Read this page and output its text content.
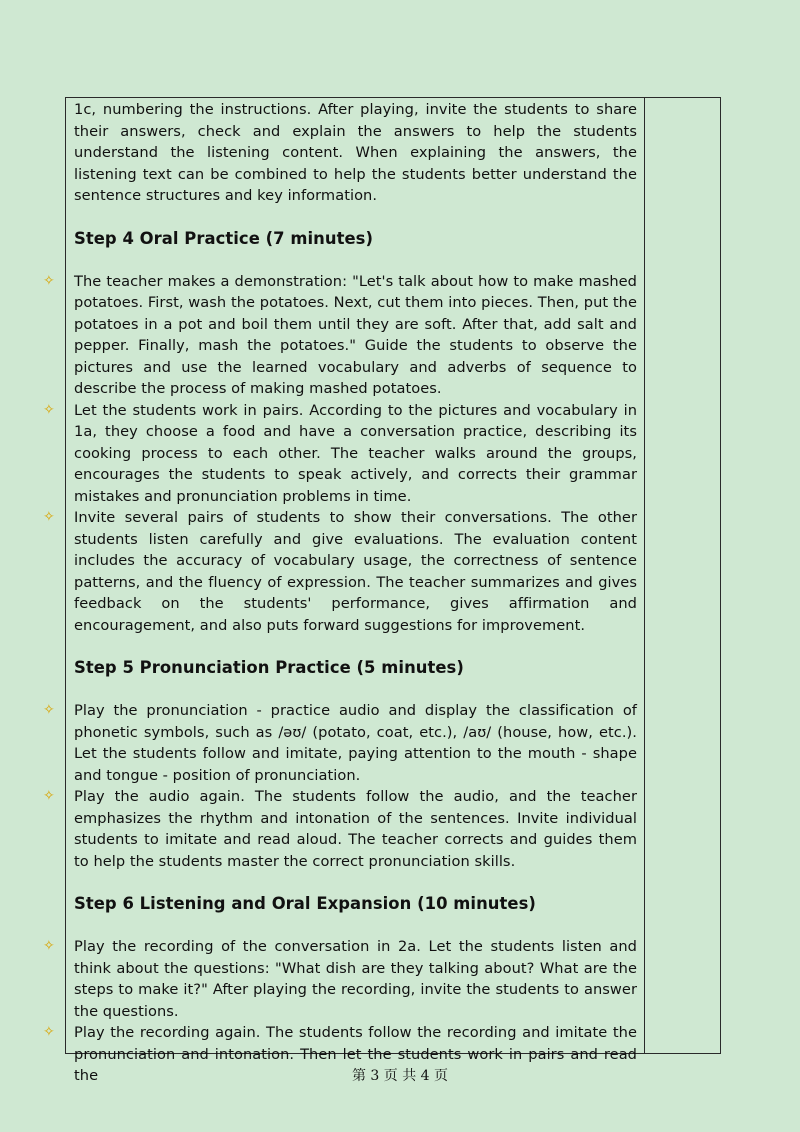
1c, numbering the instructions. After playing, invite the students to share their answers, check and explain the answers to help the students understand the listening content. When explaining the answers, the listening text can be combined to help the students better understand the sentence structures and key information.

Step 4 Oral Practice (7 minutes)

✧ The teacher makes a demonstration: "Let's talk about how to make mashed potatoes. First, wash the potatoes. Next, cut them into pieces. Then, put the potatoes in a pot and boil them until they are soft. After that, add salt and pepper. Finally, mash the potatoes." Guide the students to observe the pictures and use the learned vocabulary and adverbs of sequence to describe the process of making mashed potatoes.

✧ Let the students work in pairs. According to the pictures and vocabulary in 1a, they choose a food and have a conversation practice, describing its cooking process to each other. The teacher walks around the groups, encourages the students to speak actively, and corrects their grammar mistakes and pronunciation problems in time.

✧ Invite several pairs of students to show their conversations. The other students listen carefully and give evaluations. The evaluation content includes the accuracy of vocabulary usage, the correctness of sentence patterns, and the fluency of expression. The teacher summarizes and gives feedback on the students' performance, gives affirmation and encouragement, and also puts forward suggestions for improvement.

Step 5 Pronunciation Practice (5 minutes)

✧ Play the pronunciation - practice audio and display the classification of phonetic symbols, such as /əʊ/ (potato, coat, etc.), /aʊ/ (house, how, etc.). Let the students follow and imitate, paying attention to the mouth - shape and tongue - position of pronunciation.

✧ Play the audio again. The students follow the audio, and the teacher emphasizes the rhythm and intonation of the sentences. Invite individual students to imitate and read aloud. The teacher corrects and guides them to help the students master the correct pronunciation skills.

Step 6 Listening and Oral Expansion (10 minutes)

✧ Play the recording of the conversation in 2a. Let the students listen and think about the questions: "What dish are they talking about? What are the steps to make it?" After playing the recording, invite the students to answer the questions.

✧ Play the recording again. The students follow the recording and imitate the pronunciation and intonation. Then let the students work in pairs and read the	第 3 页 共 4 页
